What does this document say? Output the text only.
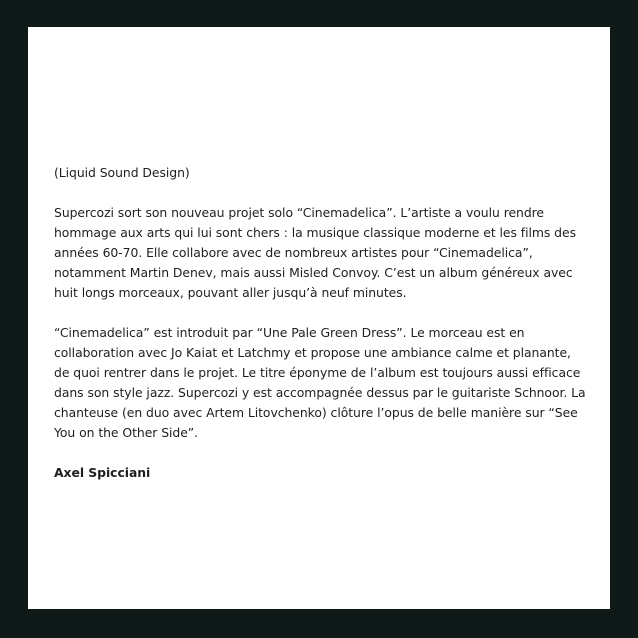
(Liquid Sound Design)

Supercozi sort son nouveau projet solo “Cinemadelica”. L’artiste a voulu rendre hommage aux arts qui lui sont chers : la musique classique moderne et les films des années 60-70. Elle collabore avec de nombreux artistes pour “Cinemadelica”, notamment Martin Denev, mais aussi Misled Convoy. C’est un album généreux avec huit longs morceaux, pouvant aller jusqu’à neuf minutes.

“Cinemadelica” est introduit par “Une Pale Green Dress”. Le morceau est en collaboration avec Jo Kaiat et Latchmy et propose une ambiance calme et planante, de quoi rentrer dans le projet. Le titre éponyme de l’album est toujours aussi efficace dans son style jazz. Supercozi y est accompagnée dessus par le guitariste Schnoor. La chanteuse (en duo avec Artem Litovchenko) clôture l’opus de belle manière sur “See You on the Other Side”.

Axel Spicciani
